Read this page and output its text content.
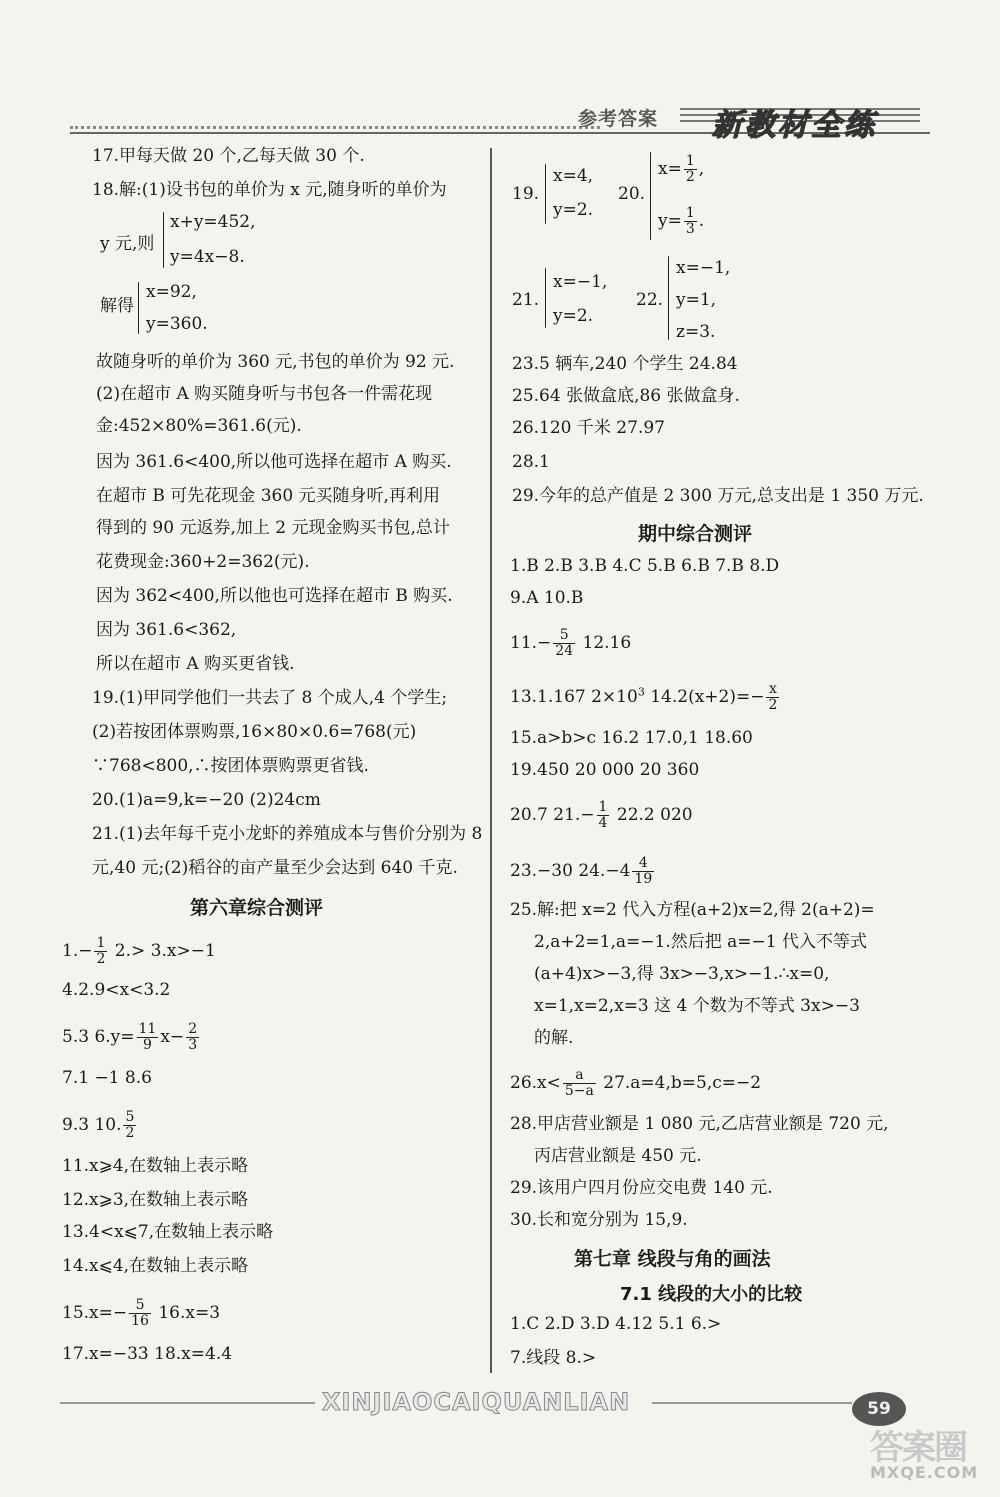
参考答案 新教材全练
17.甲每天做 20 个,乙每天做 30 个.
18.解:(1)设书包的单价为 x 元,随身听的单价为
y 元,则
x+y=452,
y=4x−8.
解得
x=92,
y=360.
故随身听的单价为 360 元,书包的单价为 92 元.
(2)在超市 A 购买随身听与书包各一件需花现
金:452×80%=361.6(元).
因为 361.6<400,所以他可选择在超市 A 购买.
在超市 B 可先花现金 360 元买随身听,再利用
得到的 90 元返券,加上 2 元现金购买书包,总计
花费现金:360+2=362(元).
因为 362<400,所以他也可选择在超市 B 购买.
因为 361.6<362,
所以在超市 A 购买更省钱.
19.(1)甲同学他们一共去了 8 个成人,4 个学生;
(2)若按团体票购票,16×80×0.6=768(元)
∵768<800,∴按团体票购票更省钱.
20.(1)a=9,k=−20 (2)24cm
21.(1)去年每千克小龙虾的养殖成本与售价分别为 8
元,40 元;(2)稻谷的亩产量至少会达到 640 千克.
第六章综合测评
$1.- \frac{1}{2} 2.> 3.x>-1$
4.2.9<x<3.2
5.3 $6.y= \frac{11}{9} x- \frac{2}{3}$
7.1 −1 8.6
9.3 10. $\frac{5}{2}$
11.x⩾4,在数轴上表示略
12.x⩾3,在数轴上表示略
13.4<x⩽7,在数轴上表示略
14.x⩽4,在数轴上表示略
$15.x=- \frac{5}{16} 16.x=3$
17.x=−33 18.x=4.4
19.
x=4,
y=2.
20.
$x= \frac{1}{2}$ ,
$y= \frac{1}{3}$ .
21.
x=−1,
y=2.
22.
x=−1,
y=1,
z=3.
23.5 辆车,240 个学生 24.84
25.64 张做盒底,86 张做盒身.
26.120 千米 27.97
28.1
29.今年的总产值是 2 300 万元,总支出是 1 350 万元.
期中综合测评
1.B 2.B 3.B 4.C 5.B 6.B 7.B 8.D
9.A 10.B
$11.- \frac{5}{24} 12.16$
13.1.167 $2\times 10^3$ $14.2(x+2)=- \frac{x}{2}$
15.a>b>c 16.2 17.0,1 18.60
19.450 20 000 20 360
20.7 $21.- \frac{1}{4} 22.2$ 020
23.−30 $24.-4 \frac{4}{19}$
25.解:把 x=2 代入方程(a+2)x=2,得 2(a+2)=
2,a+2=1,a=−1.然后把 a=−1 代入不等式
(a+4)x>−3,得 3x>−3,x>−1.∴x=0,
x=1,x=2,x=3 这 4 个数为不等式 3x>−3
的解.
$26.x< \frac{a}{5-a} 27.a=4,b=5,c=-2$
28.甲店营业额是 1 080 元,乙店营业额是 720 元,
丙店营业额是 450 元.
29.该用户四月份应交电费 140 元.
30.长和宽分别为 15,9.
第七章 线段与角的画法
7.1 线段的大小的比较
1.C 2.D 3.D 4.12 5.1 6.>
7.线段 8.>
XINJIAOCAIQUANLIAN	59
答案圈
MXQE.COM
